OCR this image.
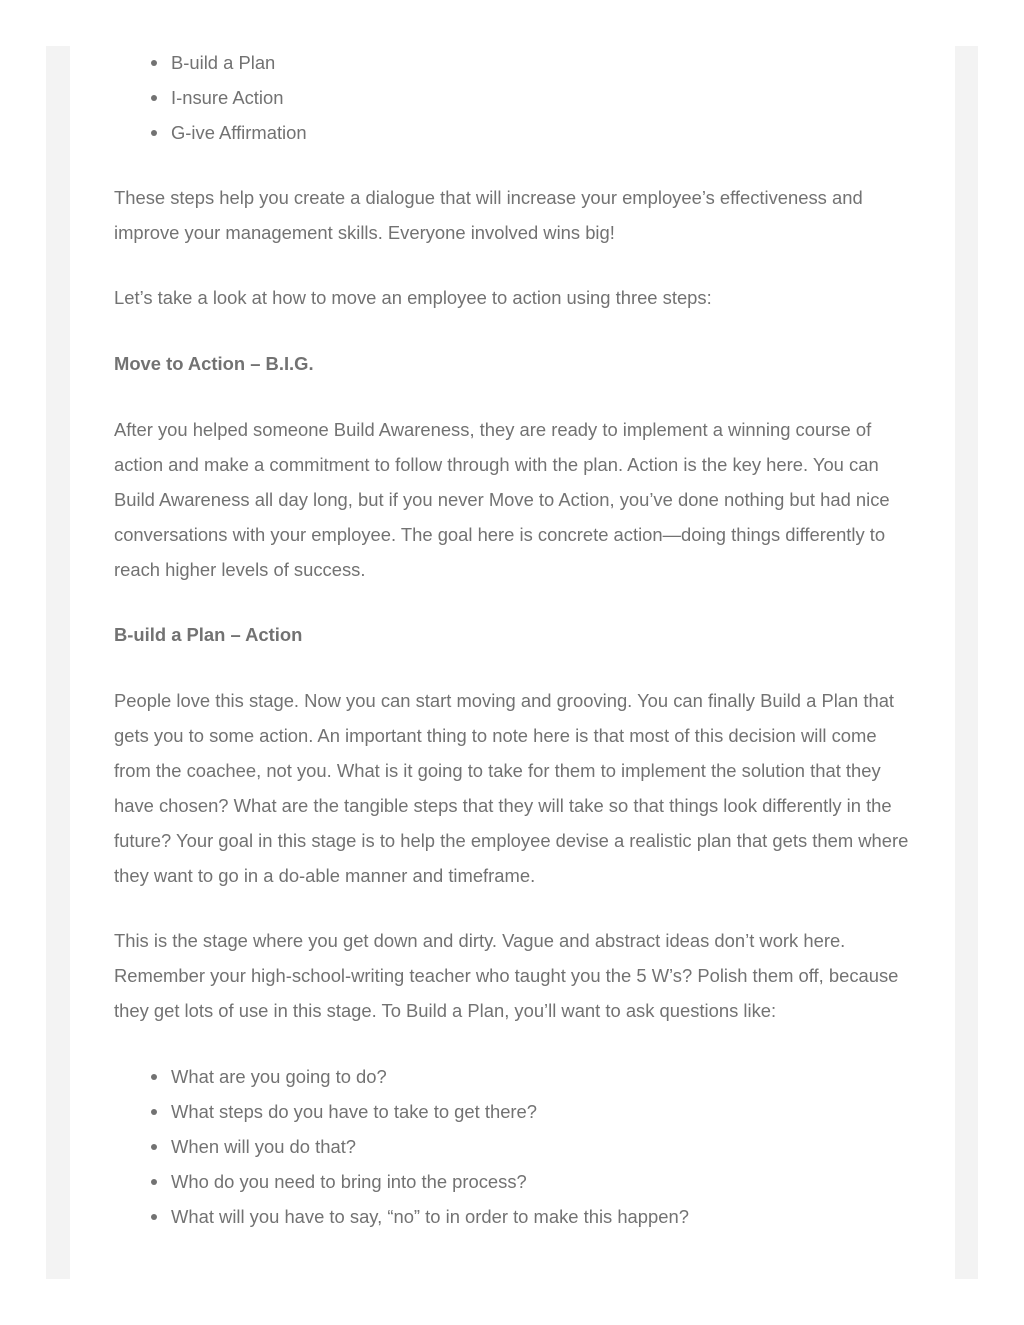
B-uild a Plan
I-nsure Action
G-ive Affirmation

These steps help you create a dialogue that will increase your employee’s effectiveness and improve your management skills. Everyone involved wins big!

Let’s take a look at how to move an employee to action using three steps:

Move to Action – B.I.G.

After you helped someone Build Awareness, they are ready to implement a winning course of action and make a commitment to follow through with the plan. Action is the key here. You can Build Awareness all day long, but if you never Move to Action, you’ve done nothing but had nice conversations with your employee. The goal here is concrete action—doing things differently to reach higher levels of success.

B-uild a Plan – Action

People love this stage. Now you can start moving and grooving. You can finally Build a Plan that gets you to some action. An important thing to note here is that most of this decision will come from the coachee, not you. What is it going to take for them to implement the solution that they have chosen? What are the tangible steps that they will take so that things look differently in the future? Your goal in this stage is to help the employee devise a realistic plan that gets them where they want to go in a do-able manner and timeframe.

This is the stage where you get down and dirty. Vague and abstract ideas don’t work here. Remember your high-school-writing teacher who taught you the 5 W’s? Polish them off, because they get lots of use in this stage. To Build a Plan, you’ll want to ask questions like:

What are you going to do?
What steps do you have to take to get there?
When will you do that?
Who do you need to bring into the process?
What will you have to say, “no” to in order to make this happen?
